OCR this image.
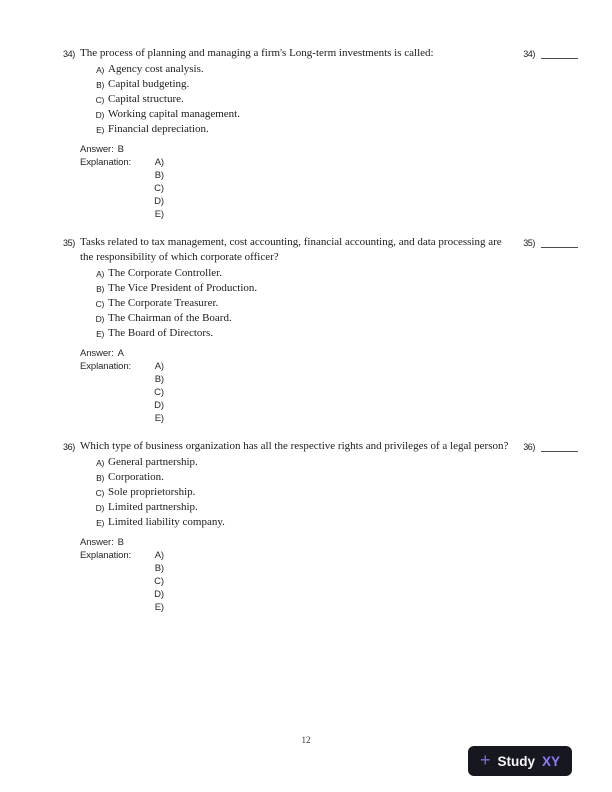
34) The process of planning and managing a firm's Long-term investments is called:	34)
A) Agency cost analysis.
B) Capital budgeting.
C) Capital structure.
D) Working capital management.
E) Financial depreciation.
Answer: B
Explanation:	A)
B)
C)
D)
E)
35) Tasks related to tax management, cost accounting, financial accounting, and data processing are the responsibility of which corporate officer?
35)
A) The Corporate Controller.
B) The Vice President of Production.
C) The Corporate Treasurer.
D) The Chairman of the Board.
E) The Board of Directors.
Answer: A
Explanation:	A)
B)
C)
D)
E)
36) Which type of business organization has all the respective rights and privileges of a legal person? 36)
A) General partnership.
B) Corporation.
C) Sole proprietorship.
D) Limited partnership.
E) Limited liability company.
Answer: B
Explanation:	A)
B)
C)
D)
E)
12
+ Study XY
